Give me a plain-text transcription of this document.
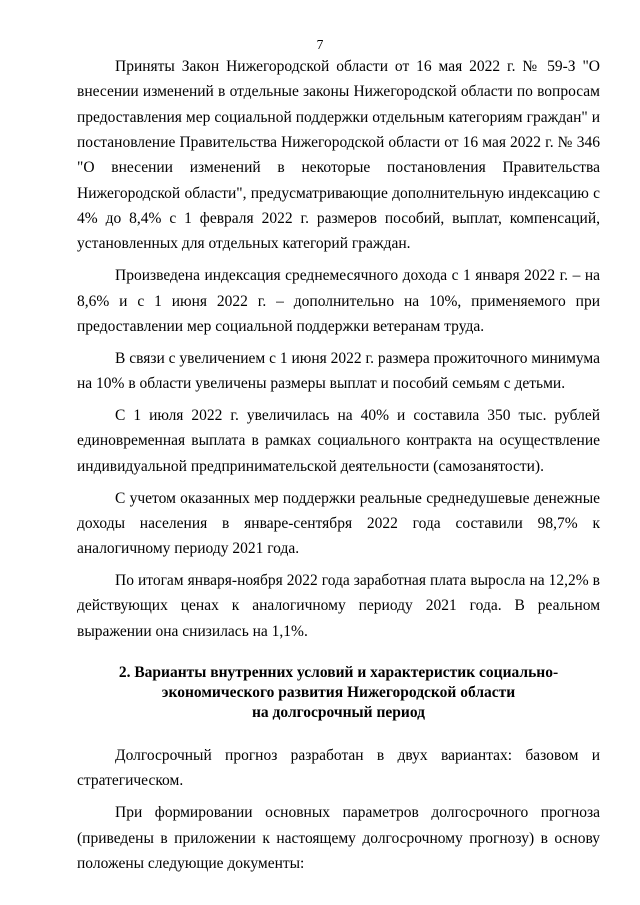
7

Приняты Закон Нижегородской области от 16 мая 2022 г. № 59-З "О внесении изменений в отдельные законы Нижегородской области по вопросам предоставления мер социальной поддержки отдельным категориям граждан" и постановление Правительства Нижегородской области от 16 мая 2022 г. № 346 "О внесении изменений в некоторые постановления Правительства Нижегородской области", предусматривающие дополнительную индексацию с 4% до 8,4% с 1 февраля 2022 г. размеров пособий, выплат, компенсаций, установленных для отдельных категорий граждан.

Произведена индексация среднемесячного дохода с 1 января 2022 г. – на 8,6% и с 1 июня 2022 г. – дополнительно на 10%, применяемого при предоставлении мер социальной поддержки ветеранам труда.

В связи с увеличением с 1 июня 2022 г. размера прожиточного минимума на 10% в области увеличены размеры выплат и пособий семьям с детьми.

С 1 июля 2022 г. увеличилась на 40% и составила 350 тыс. рублей единовременная выплата в рамках социального контракта на осуществление индивидуальной предпринимательской деятельности (самозанятости).

С учетом оказанных мер поддержки реальные среднедушевые денежные доходы населения в январе-сентября 2022 года составили 98,7% к аналогичному периоду 2021 года.

По итогам января-ноября 2022 года заработная плата выросла на 12,2% в действующих ценах к аналогичному периоду 2021 года. В реальном выражении она снизилась на 1,1%.

2. Варианты внутренних условий и характеристик социально-
экономического развития Нижегородской области
на долгосрочный период

Долгосрочный прогноз разработан в двух вариантах: базовом и стратегическом.

При формировании основных параметров долгосрочного прогноза (приведены в приложении к настоящему долгосрочному прогнозу) в основу положены следующие документы:
